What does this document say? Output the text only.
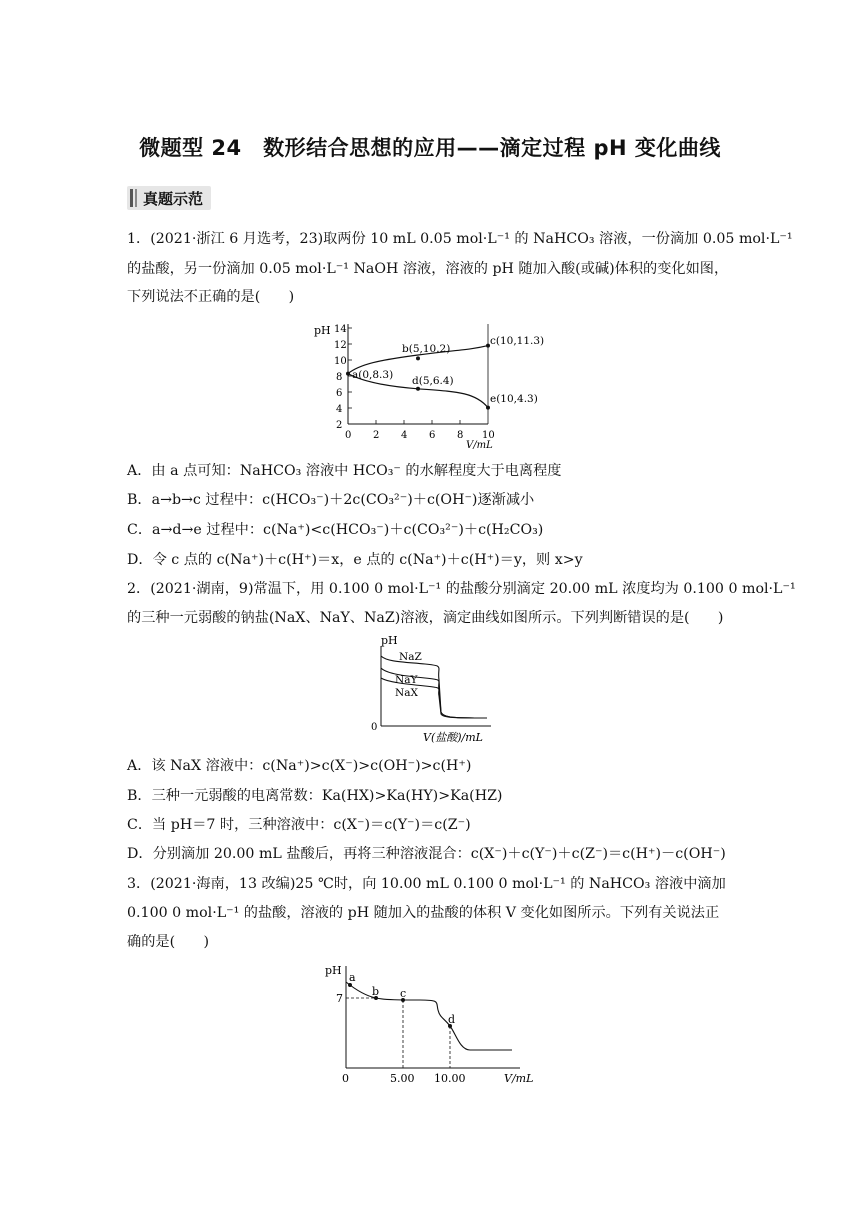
微题型 24　数形结合思想的应用——滴定过程 pH 变化曲线
真题示范
1．(2021·浙江 6 月选考，23)取两份 10 mL 0.05 mol·L⁻¹ 的 NaHCO₃ 溶液，一份滴加 0.05 mol·L⁻¹
的盐酸，另一份滴加 0.05 mol·L⁻¹ NaOH 溶液，溶液的 pH 随加入酸(或碱)体积的变化如图，
下列说法不正确的是(　　)
pH
2
4
6
8
10
12
14
0 2 4 6 8 10
V/mL
a(0,8.3)
b(5,10.2)
c(10,11.3)
d(5,6.4)
e(10,4.3)
A．由 a 点可知：NaHCO₃ 溶液中 HCO₃⁻ 的水解程度大于电离程度
B．a→b→c 过程中：c(HCO₃⁻)＋2c(CO₃²⁻)＋c(OH⁻)逐渐减小
C．a→d→e 过程中：c(Na⁺)<c(HCO₃⁻)＋c(CO₃²⁻)＋c(H₂CO₃)
D．令 c 点的 c(Na⁺)＋c(H⁺)＝x，e 点的 c(Na⁺)＋c(H⁺)＝y，则 x>y
2．(2021·湖南，9)常温下，用 0.100 0 mol·L⁻¹ 的盐酸分别滴定 20.00 mL 浓度均为 0.100 0 mol·L⁻¹
的三种一元弱酸的钠盐(NaX、NaY、NaZ)溶液，滴定曲线如图所示。下列判断错误的是(　　)
pH
0
NaZ
NaY
NaX
V(盐酸)/mL
A．该 NaX 溶液中：c(Na⁺)>c(X⁻)>c(OH⁻)>c(H⁺)
B．三种一元弱酸的电离常数：Ka(HX)>Ka(HY)>Ka(HZ)
C．当 pH＝7 时，三种溶液中：c(X⁻)＝c(Y⁻)＝c(Z⁻)
D．分别滴加 20.00 mL 盐酸后，再将三种溶液混合：c(X⁻)＋c(Y⁻)＋c(Z⁻)＝c(H⁺)－c(OH⁻)
3．(2021·海南，13 改编)25 ℃时，向 10.00 mL 0.100 0 mol·L⁻¹ 的 NaHCO₃ 溶液中滴加
0.100 0 mol·L⁻¹ 的盐酸，溶液的 pH 随加入的盐酸的体积 V 变化如图所示。下列有关说法正
确的是(　　)
pH
7
a
b c
d
0	5.00 10.00	V/mL
